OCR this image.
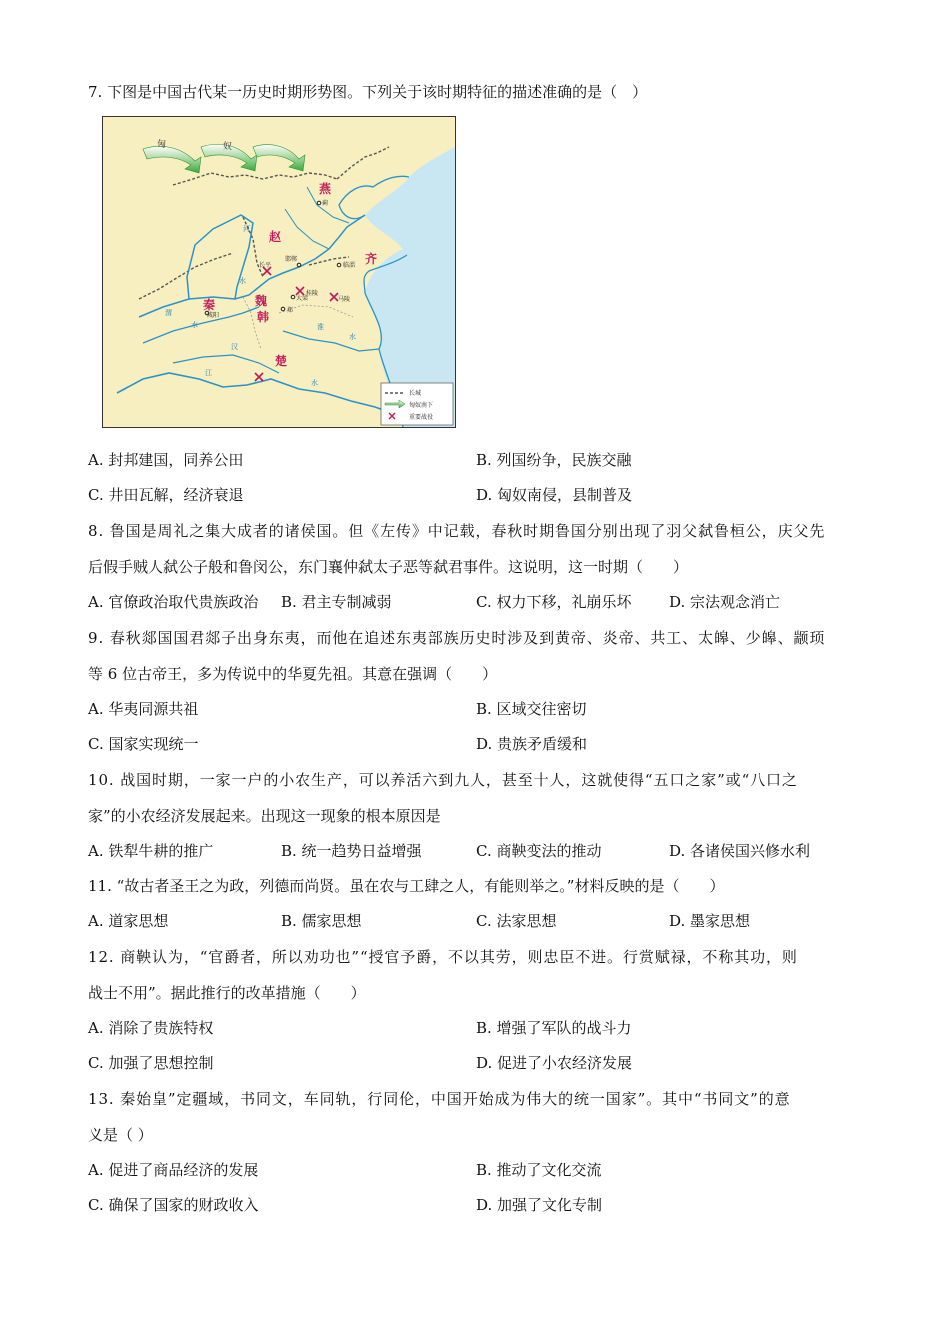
7. 下图是中国古代某一历史时期形势图。下列关于该时期特征的描述准确的是（　）
燕
赵
齐
秦	魏
韩
楚
匈	奴
蓟
邯郸
长平	临淄
桂陵
大梁	马陵
咸阳
郑
河
水
渭
水
汉
江
水
淮
水
长城
匈奴南下
重要战役
A. 封邦建国，同养公田	B. 列国纷争，民族交融
C. 井田瓦解，经济衰退	D. 匈奴南侵，县制普及
8. 鲁国是周礼之集大成者的诸侯国。但《左传》中记载，春秋时期鲁国分别出现了羽父弑鲁桓公，庆父先
后假手贼人弑公子般和鲁闵公，东门襄仲弑太子恶等弑君事件。这说明，这一时期（　　）
A. 官僚政治取代贵族政治 B. 君主专制减弱	C. 权力下移，礼崩乐坏	D. 宗法观念消亡
9. 春秋郯国国君郯子出身东夷，而他在追述东夷部族历史时涉及到黄帝、炎帝、共工、太皞、少皞、颛顼
等 6 位古帝王，多为传说中的华夏先祖。其意在强调（　　）
A. 华夷同源共祖	B. 区域交往密切
C. 国家实现统一	D. 贵族矛盾缓和
10. 战国时期，一家一户的小农生产，可以养活六到九人，甚至十人，这就使得“五口之家”或“八口之
家”的小农经济发展起来。出现这一现象的根本原因是
A. 铁犁牛耕的推广	B. 统一趋势日益增强	C. 商鞅变法的推动	D. 各诸侯国兴修水利
11. “故古者圣王之为政，列德而尚贤。虽在农与工肆之人，有能则举之。”材料反映的是（　　）
A. 道家思想	B. 儒家思想	C. 法家思想	D. 墨家思想
12. 商鞅认为，“官爵者，所以劝功也”“授官予爵，不以其劳，则忠臣不进。行赏赋禄，不称其功，则
战士不用”。据此推行的改革措施（　　）
A. 消除了贵族特权	B. 增强了军队的战斗力
C. 加强了思想控制	D. 促进了小农经济发展
13. 秦始皇”定疆域，书同文，车同轨，行同伦，中国开始成为伟大的统一国家”。其中“书同文”的意
义是（ ）
A. 促进了商品经济的发展	B. 推动了文化交流
C. 确保了国家的财政收入	D. 加强了文化专制
